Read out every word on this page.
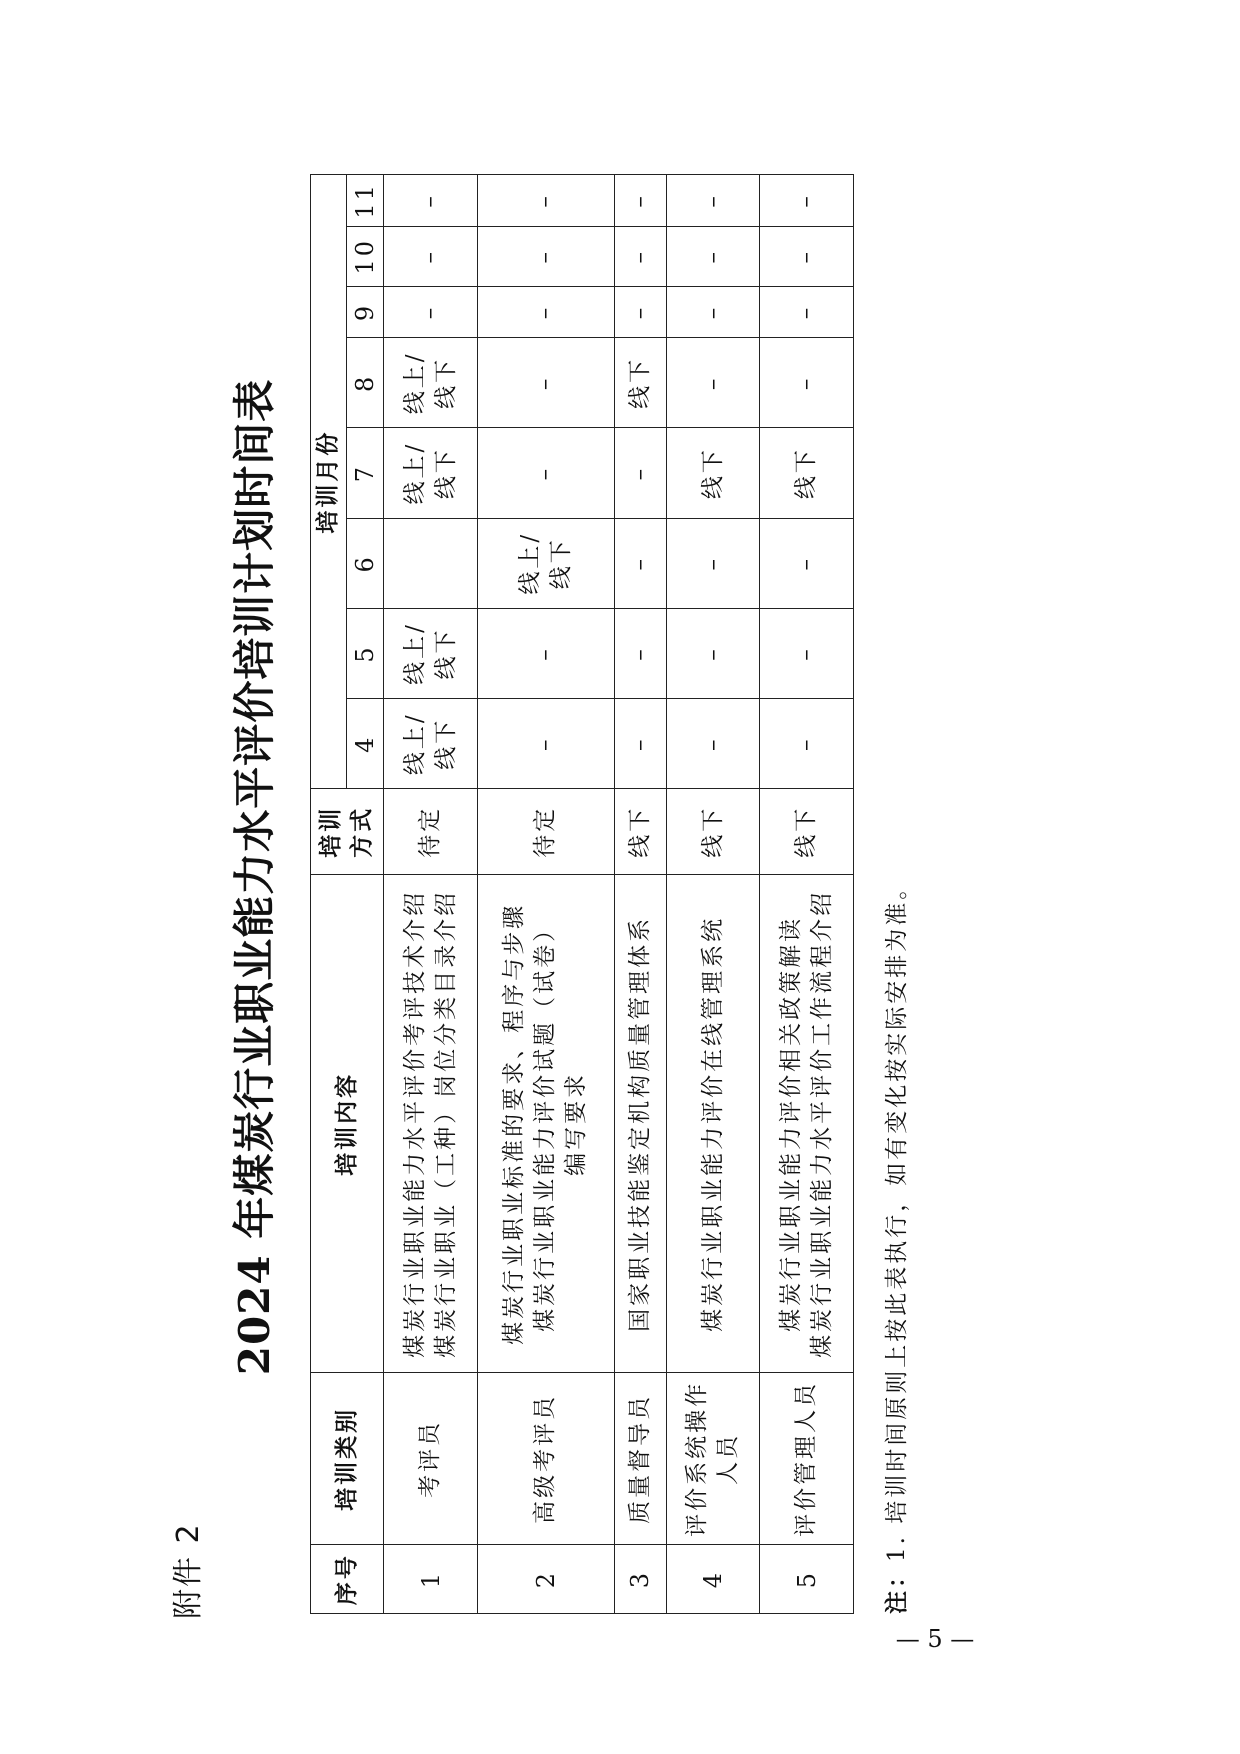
附件 2
2024 年煤炭行业职业能力水平评价培训计划时间表
序号	培训类别	培训内容	培训方式	培训月份							
				4	5	6	7	8	9	10	11
1	考评员	煤炭行业职业能力水平评价考评技术介绍 煤炭行业职业（工种）岗位分类目录介绍	待定	线上/线下	线上/线下		线上/线下	线上/线下	–	–	–
2	高级考评员	煤炭行业职业标准的要求、程序与步骤 煤炭行业职业能力评价试题（试卷） 编写要求	待定	–	–	线上/线下	–	–	–	–	–
3	质量督导员	国家职业技能鉴定机构质量管理体系	线下	–	–	–	–	线下	–	–	–
4	评价系统操作人员	煤炭行业职业能力评价在线管理系统	线下	–	–	–	线下	–	–	–	–
5	评价管理人员	煤炭行业职业能力评价相关政策解读 煤炭行业职业能力水平评价工作流程介绍	线下	–	–	–	线下	–	–	–	–
注：1. 培训时间原则上按此表执行，如有变化按实际安排为准。
— 5 —
